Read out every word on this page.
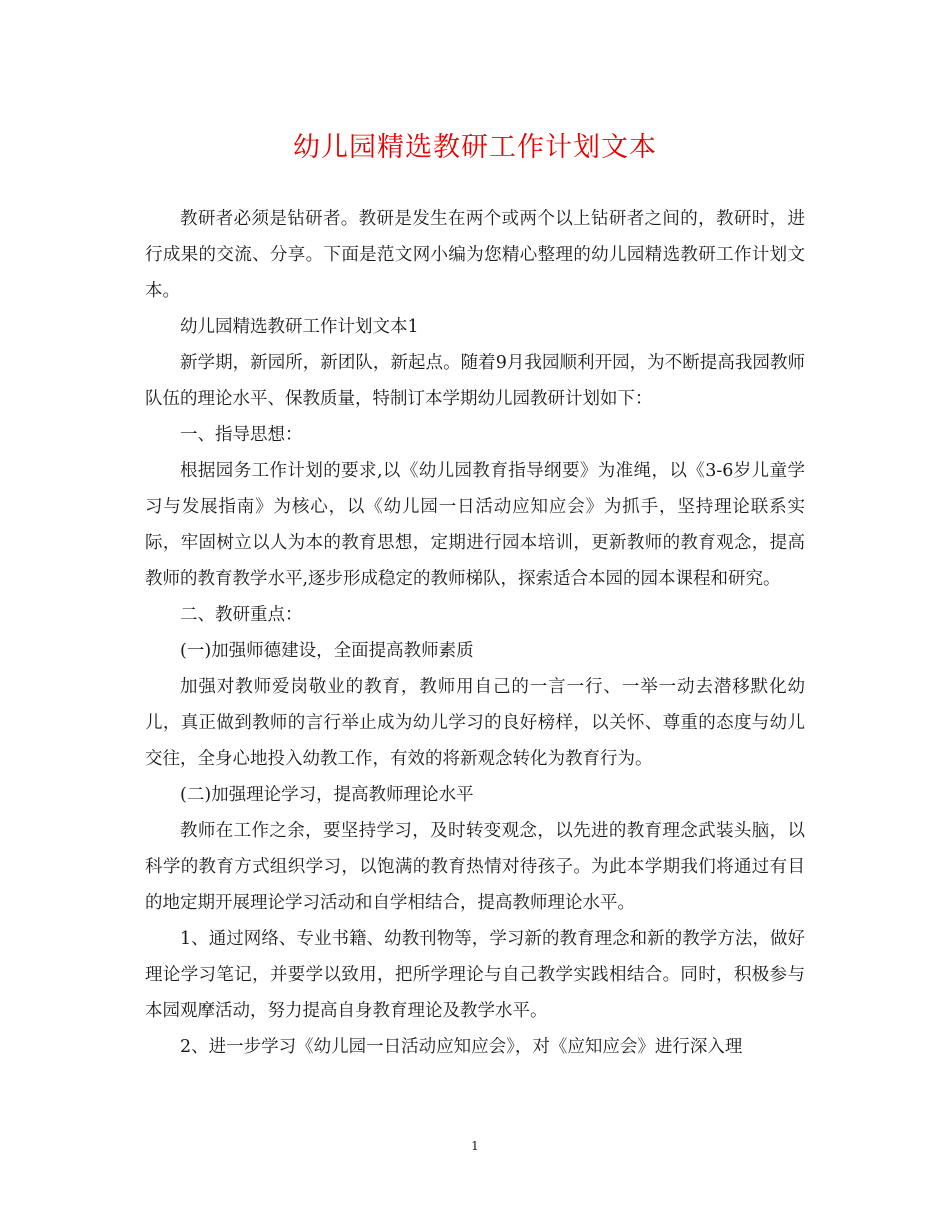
幼儿园精选教研工作计划文本

教研者必须是钻研者。教研是发生在两个或两个以上钻研者之间的，教研时，进行成果的交流、分享。下面是范文网小编为您精心整理的幼儿园精选教研工作计划文本。

幼儿园精选教研工作计划文本1

新学期，新园所，新团队，新起点。随着9月我园顺利开园，为不断提高我园教师队伍的理论水平、保教质量，特制订本学期幼儿园教研计划如下：

一、指导思想：

根据园务工作计划的要求,以《幼儿园教育指导纲要》为准绳，以《3-6岁儿童学习与发展指南》为核心，以《幼儿园一日活动应知应会》为抓手，坚持理论联系实际，牢固树立以人为本的教育思想，定期进行园本培训，更新教师的教育观念，提高教师的教育教学水平,逐步形成稳定的教师梯队，探索适合本园的园本课程和研究。

二、教研重点：

(一)加强师德建设，全面提高教师素质

加强对教师爱岗敬业的教育，教师用自己的一言一行、一举一动去潜移默化幼儿，真正做到教师的言行举止成为幼儿学习的良好榜样，以关怀、尊重的态度与幼儿交往，全身心地投入幼教工作，有效的将新观念转化为教育行为。

(二)加强理论学习，提高教师理论水平

教师在工作之余，要坚持学习，及时转变观念，以先进的教育理念武装头脑，以科学的教育方式组织学习，以饱满的教育热情对待孩子。为此本学期我们将通过有目的地定期开展理论学习活动和自学相结合，提高教师理论水平。

1、通过网络、专业书籍、幼教刊物等，学习新的教育理念和新的教学方法，做好理论学习笔记，并要学以致用，把所学理论与自己教学实践相结合。同时，积极参与本园观摩活动，努力提高自身教育理论及教学水平。

2、进一步学习《幼儿园一日活动应知应会》，对《应知应会》进行深入理

1
